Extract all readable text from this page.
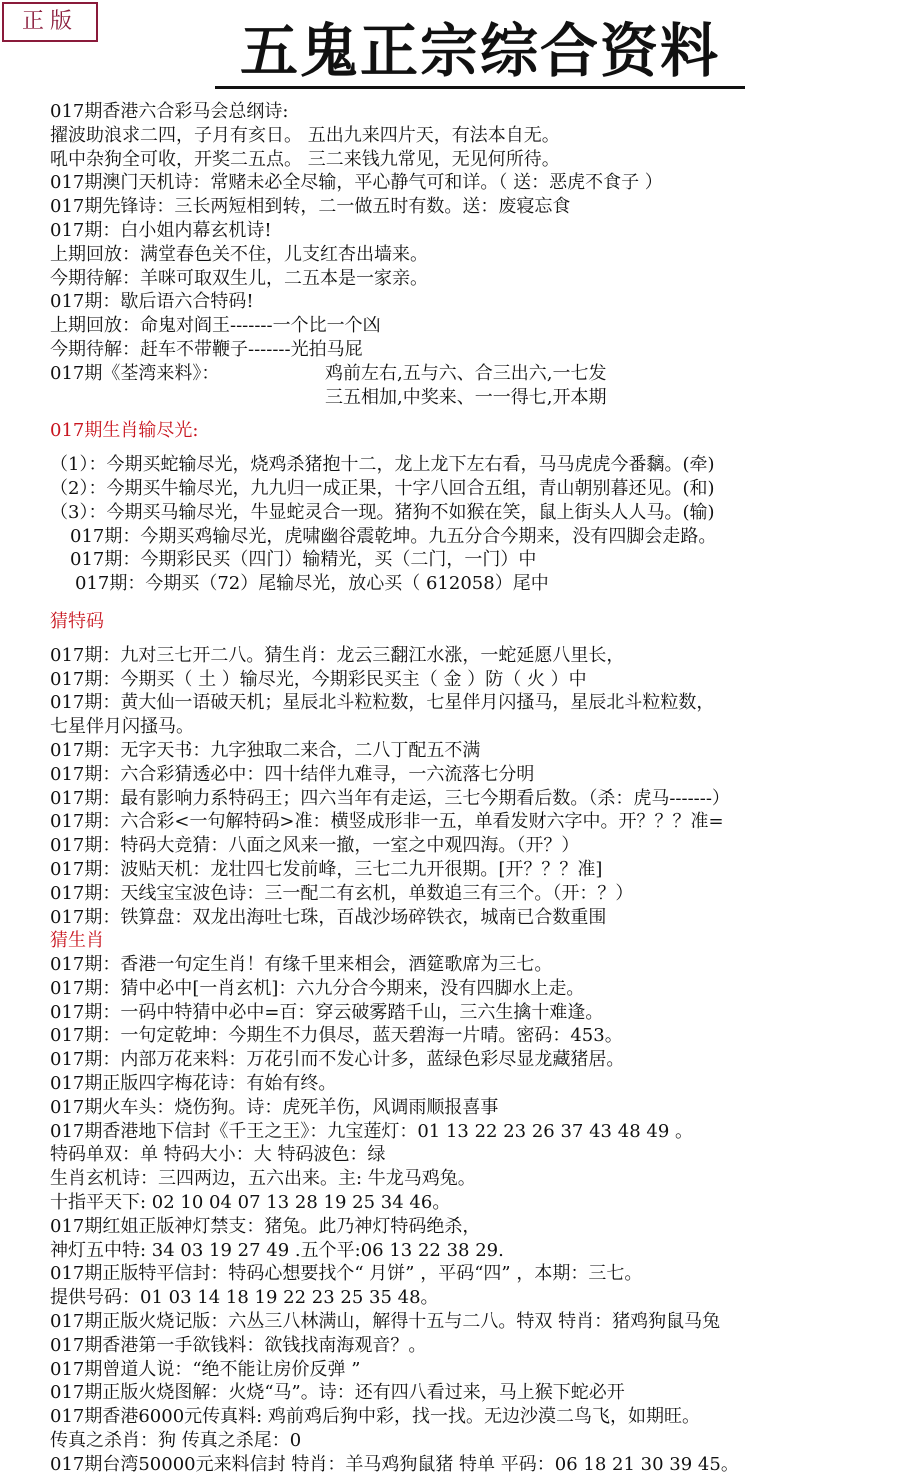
正版	五鬼正宗综合资料
017期香港六合彩马会总纲诗:
擢波助浪求二四，子月有亥日。 五出九来四片天，有法本自无。
吼中杂狗全可收，开奖二五点。 三二来钱九常见，无见何所待。
017期澳门天机诗：常赌未必全尽输，平心静气可和详。（ 送：恶虎不食子 ）
017期先锋诗：三长两短相到转，二一做五时有数。送：废寝忘食
017期：白小姐内幕玄机诗!
上期回放：满堂春色关不住，儿支红杏出墙来。
今期待解：羊咪可取双生儿，二五本是一家亲。
017期：歇后语六合特码!
上期回放：命鬼对阎王-------一个比一个凶
今期待解：赶车不带鞭子-------光拍马屁
017期《荃湾来料》：	鸡前左右,五与六、合三出六,一七发
三五相加,中奖来、一一得七,开本期
017期生肖输尽光:
（1）：今期买蛇输尽光，烧鸡杀猪抱十二，龙上龙下左右看，马马虎虎今番黐。(牵)
（2）：今期买牛输尽光，九九归一成正果，十字八回合五组，青山朝别暮还见。(和)
（3）：今期买马输尽光，牛显蛇灵合一现。猪狗不如猴在笑，鼠上街头人人马。(输)
017期：今期买鸡输尽光，虎啸幽谷震乾坤。九五分合今期来，没有四脚会走路。
017期：今期彩民买（四门）输精光，买（二门，一门）中
017期：今期买（72）尾输尽光，放心买（ 612058）尾中
猜特码
017期：九对三七开二八。猜生肖：龙云三翻江水涨，一蛇延愿八里长，
017期：今期买（ 土 ）输尽光，今期彩民买主（ 金 ）防（ 火 ）中
017期：黄大仙一语破天机；星辰北斗粒粒数，七星伴月闪搔马，星辰北斗粒粒数，
七星伴月闪搔马。
017期：无字天书：九字独取二来合，二八丁配五不满
017期：六合彩猜透必中：四十结伴九难寻，一六流落七分明
017期：最有影响力系特码王；四六当年有走运，三七今期看后数。（杀：虎马-------）
017期：六合彩<一句解特码>准：横竖成形非一五，单看发财六字中。开？？？准=
017期：特码大竞猜：八面之风来一撤，一室之中观四海。（开？）
017期：波贴天机：龙壮四七发前峰，三七二九开很期。[开？？？准]
017期：天线宝宝波色诗：三一配二有玄机，单数追三有三个。（开：？）
017期：铁算盘：双龙出海吐七珠，百战沙场碎铁衣，城南已合数重围
猜生肖
017期：香港一句定生肖！有缘千里来相会，酒筵歌席为三七。
017期：猜中必中[一肖玄机]：六九分合今期来，没有四脚水上走。
017期：一码中特猜中必中=百：穿云破雾踏千山，三六生擒十难逢。
017期：一句定乾坤：今期生不力俱尽，蓝天碧海一片晴。密码：453。
017期：内部万花来料：万花引而不发心计多，蓝绿色彩尽显龙藏猪居。
017期正版四字梅花诗：有始有终。
017期火车头：烧伤狗。诗：虎死羊伤，风调雨顺报喜事
017期香港地下信封《千王之王》：九宝莲灯：01 13 22 23 26 37 43 48 49 。
特码单双：单 特码大小：大 特码波色：绿
生肖玄机诗：三四两边，五六出来。主: 牛龙马鸡兔。
十指平天下: 02 10 04 07 13 28 19 25 34 46。
017期红姐正版神灯禁支：猪兔。此乃神灯特码绝杀，
神灯五中特: 34 03 19 27 49 .五个平:06 13 22 38 29.
017期正版特平信封：特码心想要找个“ 月饼” ，平码“四” ，本期：三七。
提供号码：01 03 14 18 19 22 23 25 35 48。
017期正版火烧记版：六丛三八林满山，解得十五与二八。特双 特肖：猪鸡狗鼠马兔
017期香港第一手欲钱料：欲钱找南海观音？。
017期曾道人说：“绝不能让房价反弹 ”
017期正版火烧图解：火烧“马”。诗：还有四八看过来，马上猴下蛇必开
017期香港6000元传真料: 鸡前鸡后狗中彩，找一找。无边沙漠二鸟飞，如期旺。
传真之杀肖：狗 传真之杀尾：0
017期台湾50000元来料信封 特肖：羊马鸡狗鼠猪 特单 平码：06 18 21 30 39 45。
